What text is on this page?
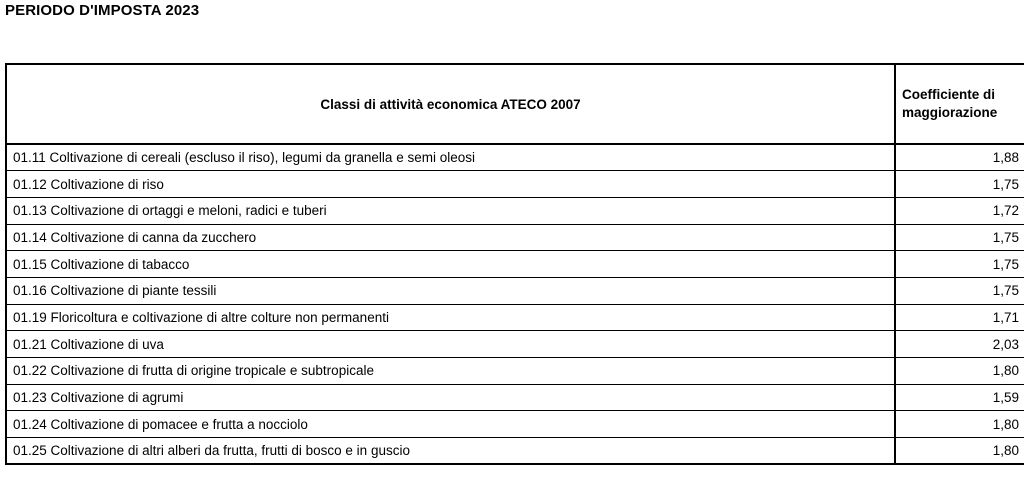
PERIODO D'IMPOSTA 2023
Classi di attività economica ATECO 2007	Coefficiente di maggiorazione
01.11 Coltivazione di cereali (escluso il riso), legumi da granella e semi oleosi	1,88
01.12 Coltivazione di riso	1,75
01.13 Coltivazione di ortaggi e meloni, radici e tuberi	1,72
01.14 Coltivazione di canna da zucchero	1,75
01.15 Coltivazione di tabacco	1,75
01.16 Coltivazione di piante tessili	1,75
01.19 Floricoltura e coltivazione di altre colture non permanenti	1,71
01.21 Coltivazione di uva	2,03
01.22 Coltivazione di frutta di origine tropicale e subtropicale	1,80
01.23 Coltivazione di agrumi	1,59
01.24 Coltivazione di pomacee e frutta a nocciolo	1,80
01.25 Coltivazione di altri alberi da frutta, frutti di bosco e in guscio	1,80
